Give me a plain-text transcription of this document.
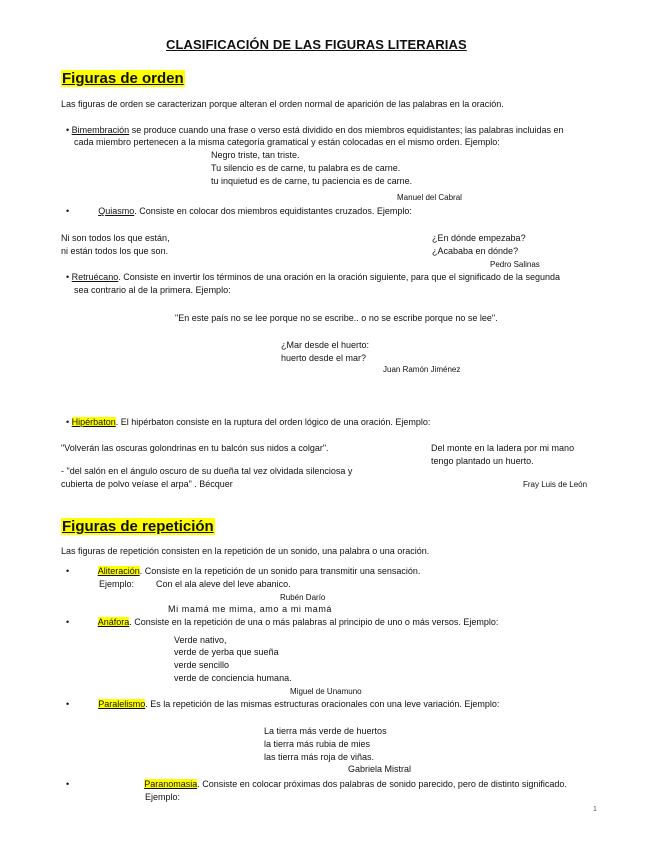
CLASIFICACIÓN DE LAS FIGURAS LITERARIAS
Figuras de orden
Las figuras de orden se caracterizan porque alteran el orden normal de aparición de las palabras en la oración.
• Bimembración se produce cuando una frase o verso está dividido en dos miembros equidistantes; las palabras incluidas en
cada miembro pertenecen a la misma categoría gramatical y están colocadas en el mismo orden. Ejemplo:
Negro triste, tan triste.
Tu silencio es de carne, tu palabra es de carne.
tu inquietud es de carne, tu paciencia es de carne.
Manuel del Cabral
•	Quiasmo. Consiste en colocar dos miembros equidistantes cruzados. Ejemplo:
Ni son todos los que están,
ni están todos los que son.
¿En dónde empezaba?
¿Acababa en dónde?
Pedro Salinas
• Retruécano. Consiste en invertir los términos de una oración en la oración siguiente, para que el significado de la segunda
sea contrario al de la primera. Ejemplo:
"En este país no se lee porque no se escribe.. o no se escribe porque no se lee".
¿Mar desde el huerto:
huerto desde el mar?
Juan Ramón Jiménez
• Hipérbaton. El hipérbaton consiste en la ruptura del orden lógico de una oración. Ejemplo:
"Volverán las oscuras golondrinas en tu balcón sus nidos a colgar".
- "del salón en el ángulo oscuro de su dueña tal vez olvidada silenciosa y
cubierta de polvo veíase el arpa" . Bécquer
Del monte en la ladera por mi mano
tengo plantado un huerto.
Fray Luis de León
Figuras de repetición
Las figuras de repetición consisten en la repetición de un sonido, una palabra o una oración.
•	Aliteración. Consiste en la repetición de un sonido para transmitir una sensación.
Ejemplo: Con el ala aleve del leve abanico.
Rubén Darío
Mi mamá me mima, amo a mi mamá
•	Anáfora. Consiste en la repetición de una o más palabras al principio de uno o más versos. Ejemplo:
Verde nativo,
verde de yerba que sueña
verde sencillo
verde de conciencia humana.
Miguel de Unamuno
•	Paralelismo. Es la repetición de las mismas estructuras oracionales con una leve variación. Ejemplo:
La tierra más verde de huertos
la tierra más rubia de mies
las tierra más roja de viñas.
Gabriela Mistral
•	Paranomasia. Consiste en colocar próximas dos palabras de sonido parecido, pero de distinto significado.
Ejemplo:
1
